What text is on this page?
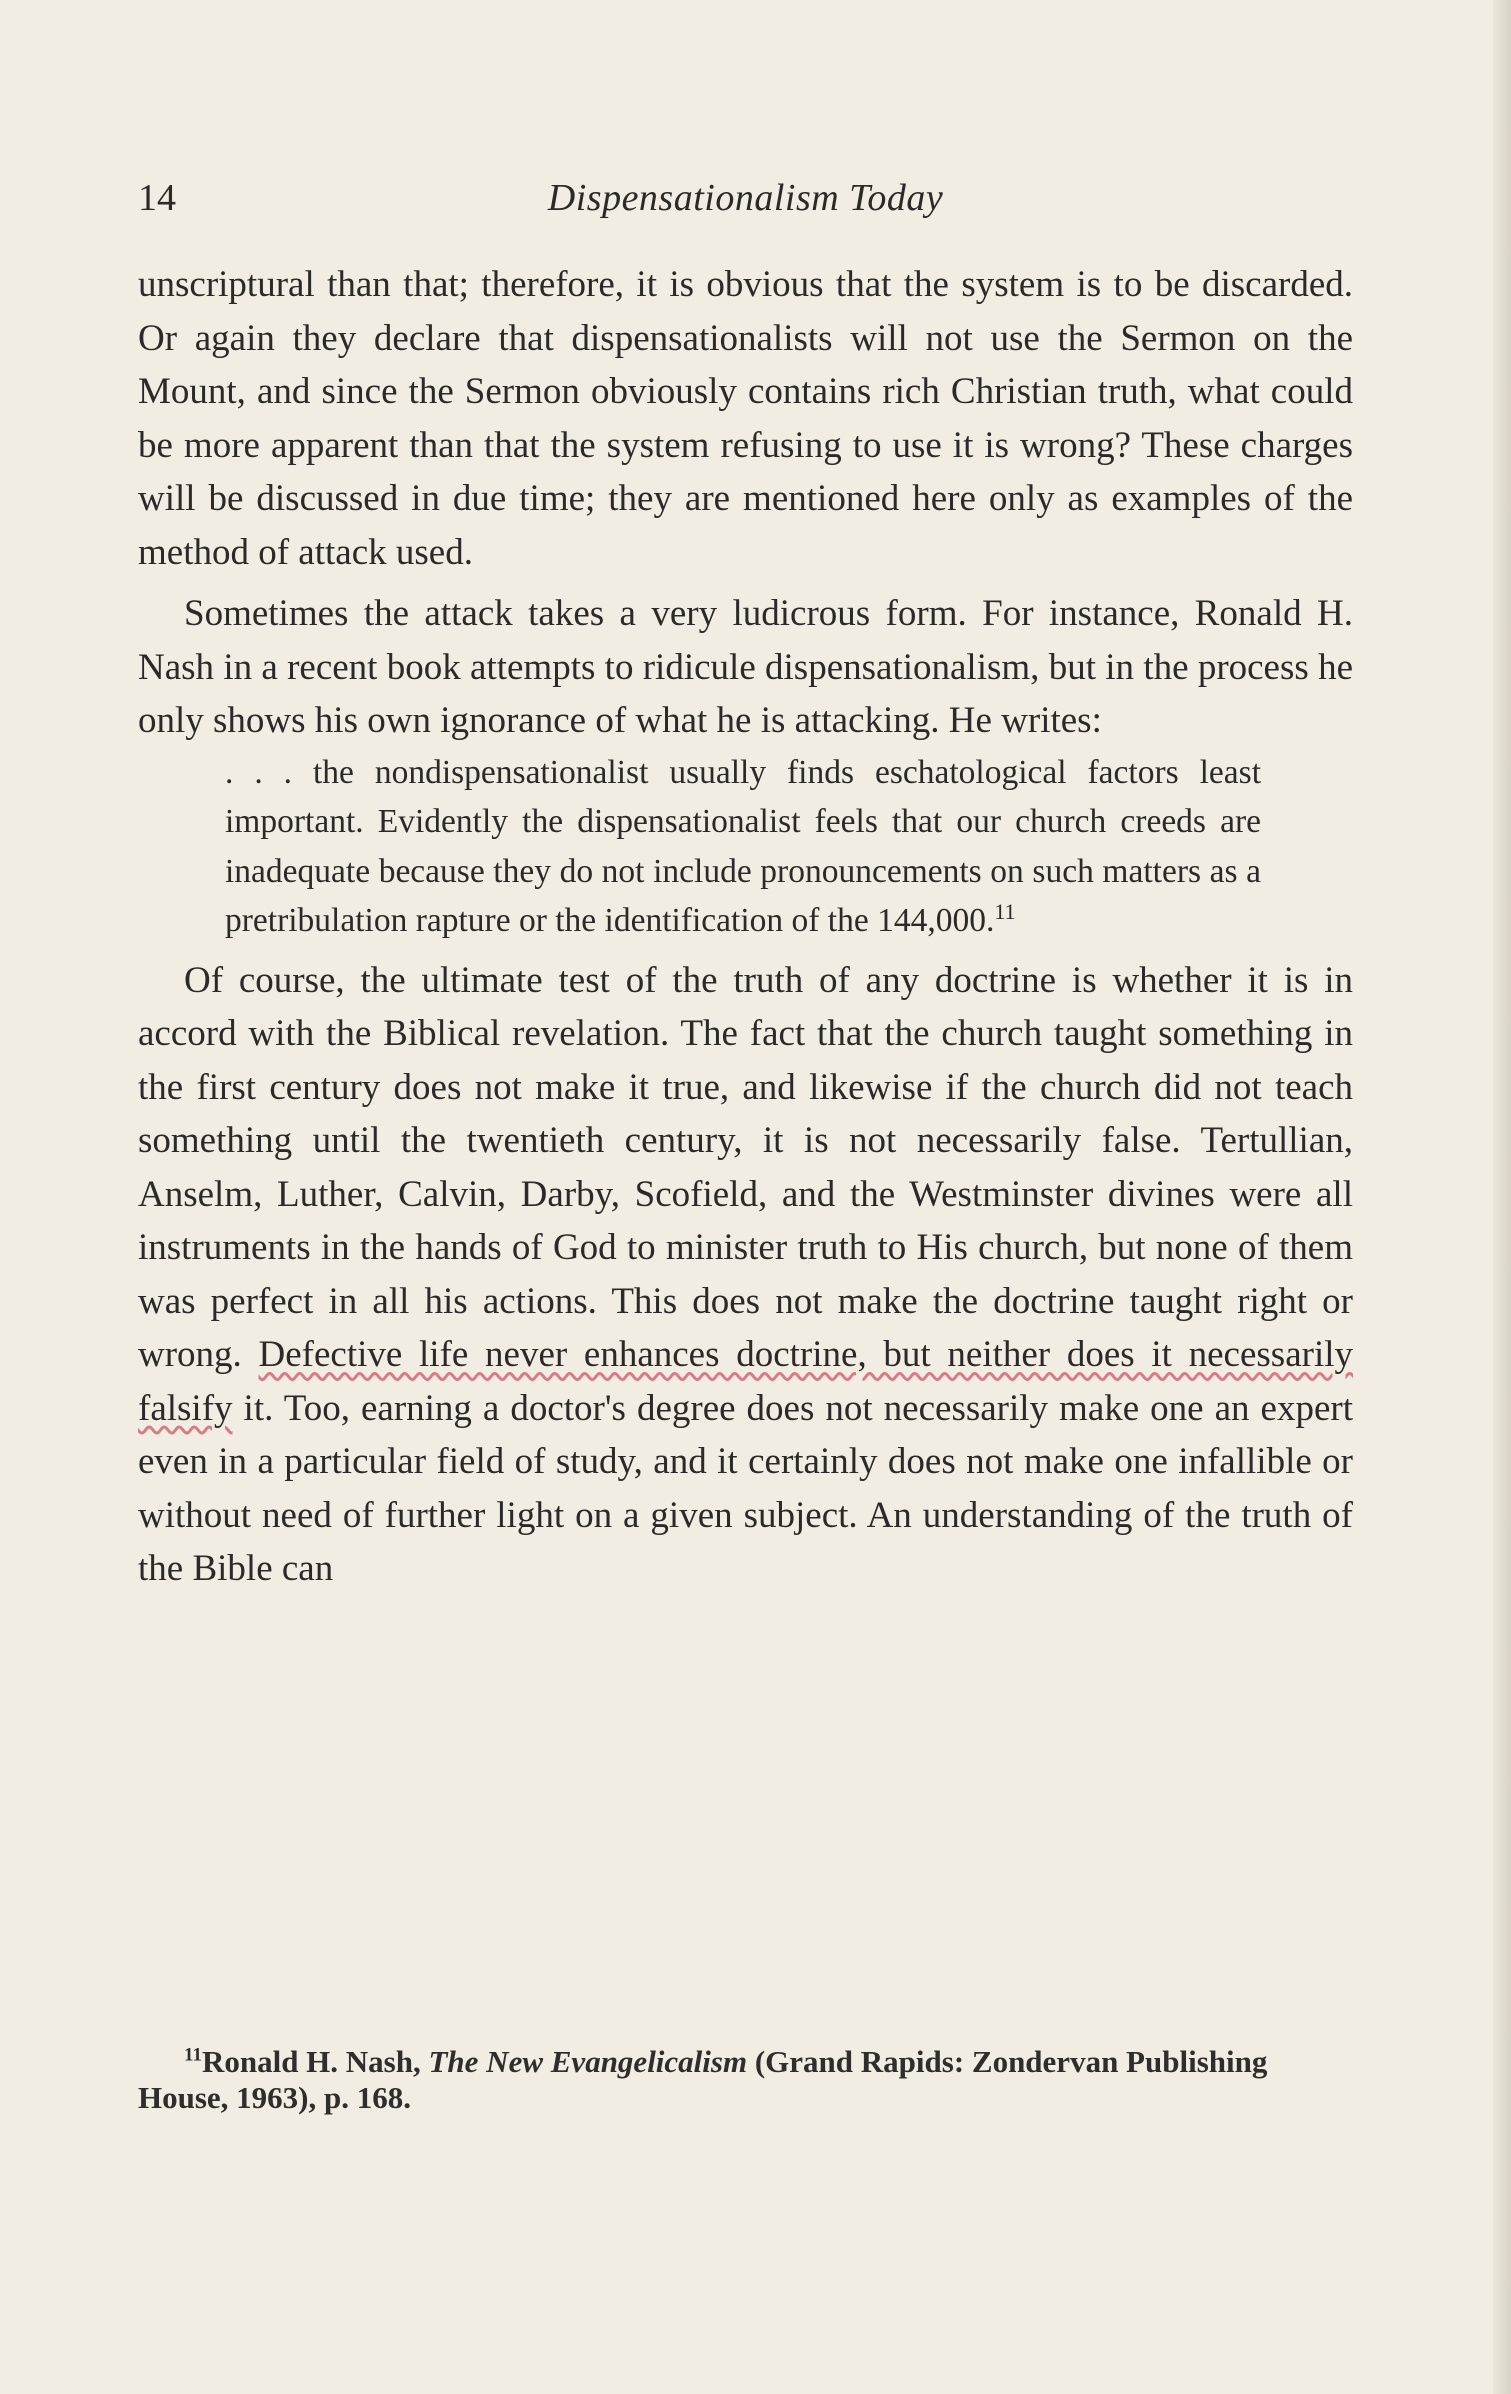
14	Dispensationalism Today

unscriptural than that; therefore, it is obvious that the system is to be discarded. Or again they declare that dispensationalists will not use the Sermon on the Mount, and since the Sermon obviously contains rich Christian truth, what could be more apparent than that the system refusing to use it is wrong? These charges will be discussed in due time; they are mentioned here only as examples of the method of attack used.

Sometimes the attack takes a very ludicrous form. For instance, Ronald H. Nash in a recent book attempts to ridicule dispensationalism, but in the process he only shows his own ignorance of what he is attacking. He writes:

. . . the nondispensationalist usually finds eschatological factors least important. Evidently the dispensationalist feels that our church creeds are inadequate because they do not include pronouncements on such matters as a pretribulation rapture or the identification of the 144,000.11

Of course, the ultimate test of the truth of any doctrine is whether it is in accord with the Biblical revelation. The fact that the church taught something in the first century does not make it true, and likewise if the church did not teach something until the twentieth century, it is not necessarily false. Tertullian, Anselm, Luther, Calvin, Darby, Scofield, and the Westminster divines were all instruments in the hands of God to minister truth to His church, but none of them was perfect in all his actions. This does not make the doctrine taught right or wrong. Defective life never enhances doctrine, but neither does it necessarily falsify it. Too, earning a doctor's degree does not necessarily make one an expert even in a particular field of study, and it certainly does not make one infallible or without need of further light on a given subject. An understanding of the truth of the Bible can

$^{11}$Ronald H. Nash, The New Evangelicalism (Grand Rapids: Zondervan Publishing House, 1963), p. 168.
